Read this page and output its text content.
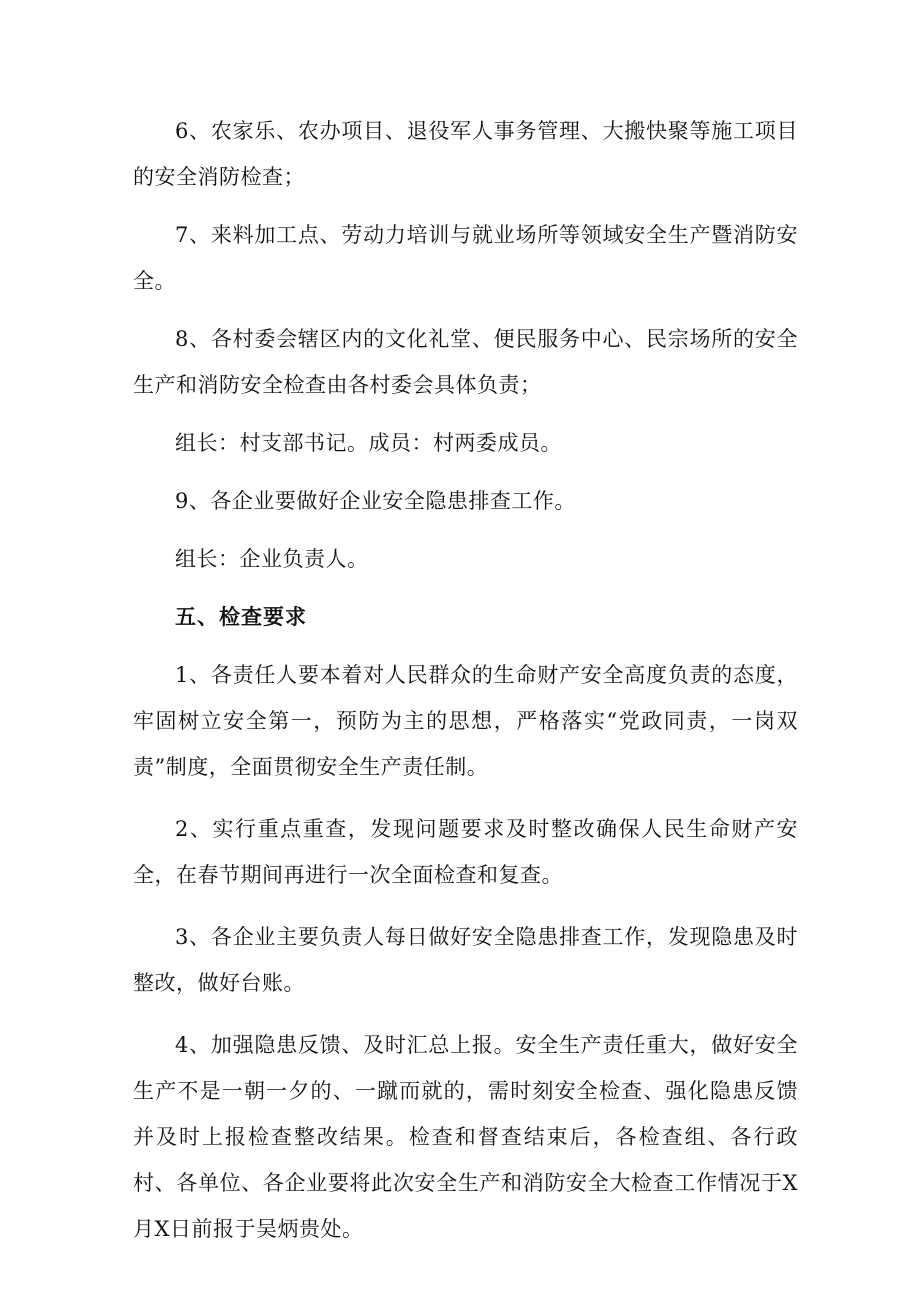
6、农家乐、农办项目、退役军人事务管理、大搬快聚等施工项目的安全消防检查；

7、来料加工点、劳动力培训与就业场所等领域安全生产暨消防安全。

8、各村委会辖区内的文化礼堂、便民服务中心、民宗场所的安全生产和消防安全检查由各村委会具体负责；

组长：村支部书记。成员：村两委成员。

9、各企业要做好企业安全隐患排查工作。

组长：企业负责人。

五、检查要求

1、各责任人要本着对人民群众的生命财产安全高度负责的态度，牢固树立安全第一，预防为主的思想，严格落实“党政同责，一岗双责”制度，全面贯彻安全生产责任制。

2、实行重点重查，发现问题要求及时整改确保人民生命财产安全，在春节期间再进行一次全面检查和复查。

3、各企业主要负责人每日做好安全隐患排查工作，发现隐患及时整改，做好台账。

4、加强隐患反馈、及时汇总上报。安全生产责任重大，做好安全生产不是一朝一夕的、一蹴而就的，需时刻安全检查、强化隐患反馈并及时上报检查整改结果。检查和督查结束后，各检查组、各行政村、各单位、各企业要将此次安全生产和消防安全大检查工作情况于X月X日前报于吴炳贵处。
